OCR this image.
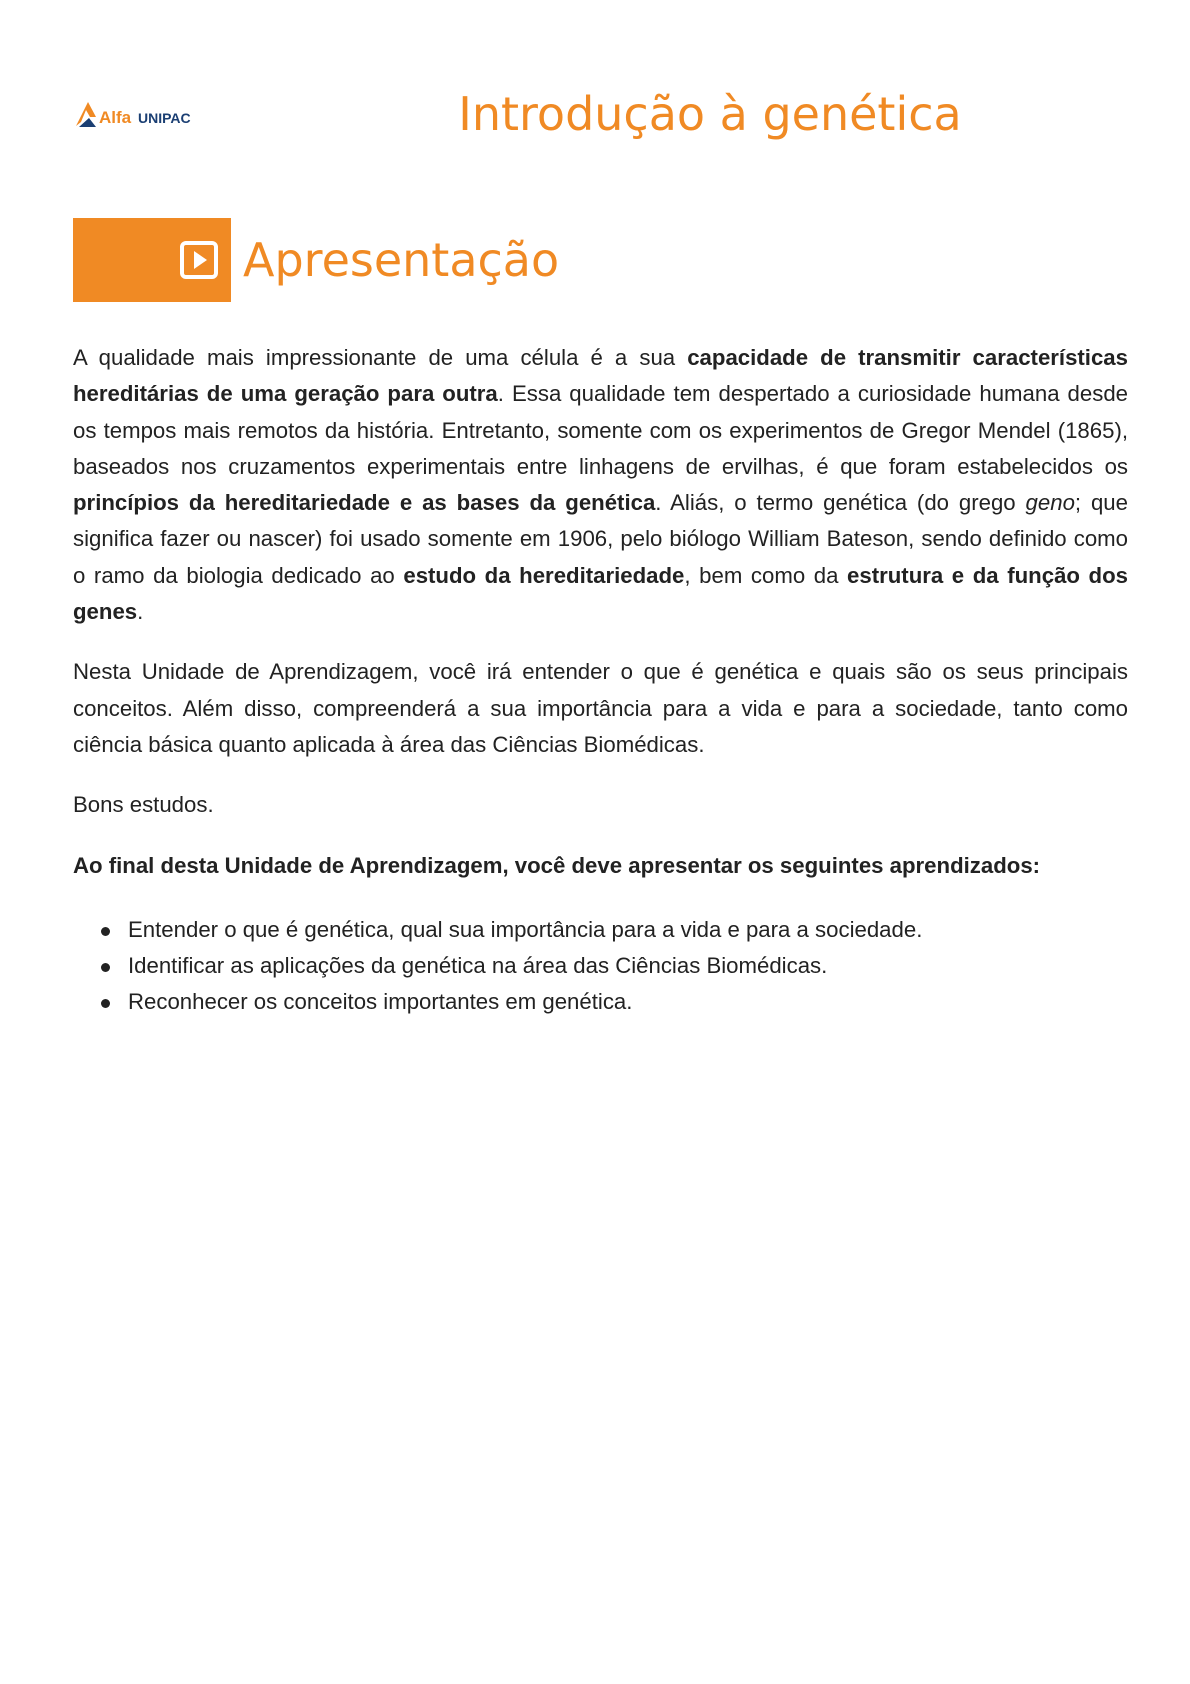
Alfa UNIPAC	Introdução à genética
Apresentação

A qualidade mais impressionante de uma célula é a sua capacidade de transmitir características hereditárias de uma geração para outra. Essa qualidade tem despertado a curiosidade humana desde os tempos mais remotos da história. Entretanto, somente com os experimentos de Gregor Mendel (1865), baseados nos cruzamentos experimentais entre linhagens de ervilhas, é que foram estabelecidos os princípios da hereditariedade e as bases da genética. Aliás, o termo genética (do grego geno; que significa fazer ou nascer) foi usado somente em 1906, pelo biólogo William Bateson, sendo definido como o ramo da biologia dedicado ao estudo da hereditariedade, bem como da estrutura e da função dos genes.

Nesta Unidade de Aprendizagem, você irá entender o que é genética e quais são os seus principais conceitos. Além disso, compreenderá a sua importância para a vida e para a sociedade, tanto como ciência básica quanto aplicada à área das Ciências Biomédicas.

Bons estudos.

Ao final desta Unidade de Aprendizagem, você deve apresentar os seguintes aprendizados:

Entender o que é genética, qual sua importância para a vida e para a sociedade.
Identificar as aplicações da genética na área das Ciências Biomédicas.
Reconhecer os conceitos importantes em genética.
